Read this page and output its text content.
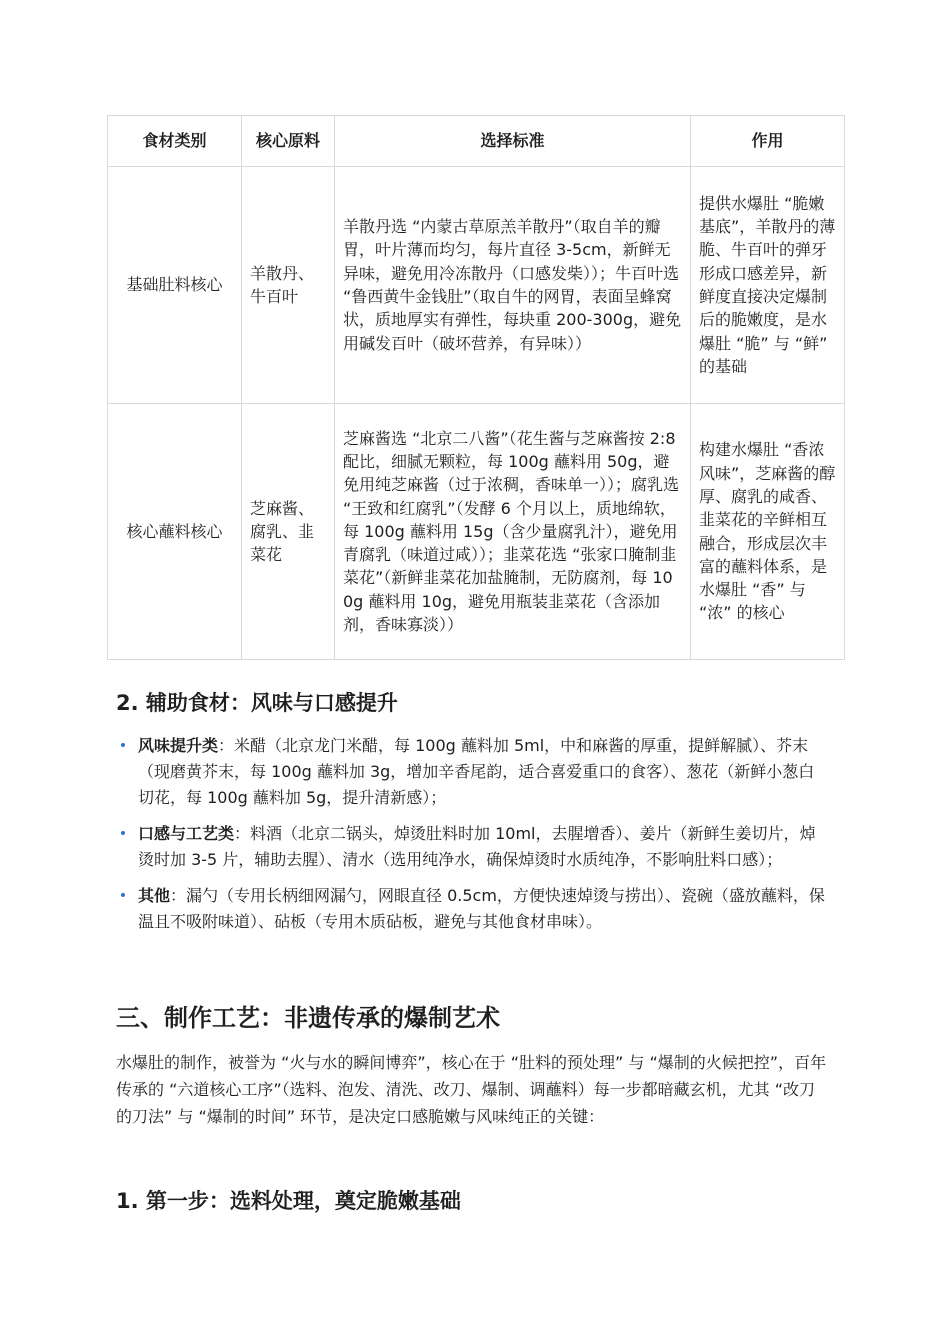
食材类别	核心原料	选择标准	作用
基础肚料核心	羊散丹、牛百叶	羊散丹选 “内蒙古草原羔羊散丹”（取自羊的瓣胃，叶片薄而均匀，每片直径 3-5cm，新鲜无异味，避免用冷冻散丹（口感发柴））；牛百叶选 “鲁西黄牛金钱肚”（取自牛的网胃，表面呈蜂窝状，质地厚实有弹性，每块重 200-300g，避免用碱发百叶（破坏营养，有异味））	提供水爆肚 “脆嫩基底”，羊散丹的薄脆、牛百叶的弹牙形成口感差异，新鲜度直接决定爆制后的脆嫩度，是水爆肚 “脆” 与 “鲜” 的基础
核心蘸料核心	芝麻酱、腐乳、韭菜花	芝麻酱选 “北京二八酱”（花生酱与芝麻酱按 2:8 配比，细腻无颗粒，每 100g 蘸料用 50g，避免用纯芝麻酱（过于浓稠，香味单一））；腐乳选 “王致和红腐乳”（发酵 6 个月以上，质地绵软，每 100g 蘸料用 15g（含少量腐乳汁），避免用青腐乳（味道过咸））；韭菜花选 “张家口腌制韭菜花”（新鲜韭菜花加盐腌制，无防腐剂，每 100g 蘸料用 10g，避免用瓶装韭菜花（含添加剂，香味寡淡））	构建水爆肚 “香浓风味”，芝麻酱的醇厚、腐乳的咸香、韭菜花的辛鲜相互融合，形成层次丰富的蘸料体系，是水爆肚 “香” 与 “浓” 的核心
2. 辅助食材：风味与口感提升
• 风味提升类：米醋（北京龙门米醋，每 100g 蘸料加 5ml，中和麻酱的厚重，提鲜解腻）、芥末（现磨黄芥末，每 100g 蘸料加 3g，增加辛香尾韵，适合喜爱重口的食客）、葱花（新鲜小葱白切花，每 100g 蘸料加 5g，提升清新感）；
• 口感与工艺类：料酒（北京二锅头，焯烫肚料时加 10ml，去腥增香）、姜片（新鲜生姜切片，焯烫时加 3-5 片，辅助去腥）、清水（选用纯净水，确保焯烫时水质纯净，不影响肚料口感）；
• 其他：漏勺（专用长柄细网漏勺，网眼直径 0.5cm，方便快速焯烫与捞出）、瓷碗（盛放蘸料，保温且不吸附味道）、砧板（专用木质砧板，避免与其他食材串味）。
三、制作工艺：非遗传承的爆制艺术

水爆肚的制作，被誉为 “火与水的瞬间博弈”，核心在于 “肚料的预处理” 与 “爆制的火候把控”，百年传承的 “六道核心工序”（选料、泡发、清洗、改刀、爆制、调蘸料）每一步都暗藏玄机，尤其 “改刀的刀法” 与 “爆制的时间” 环节，是决定口感脆嫩与风味纯正的关键：

1. 第一步：选料处理，奠定脆嫩基础
